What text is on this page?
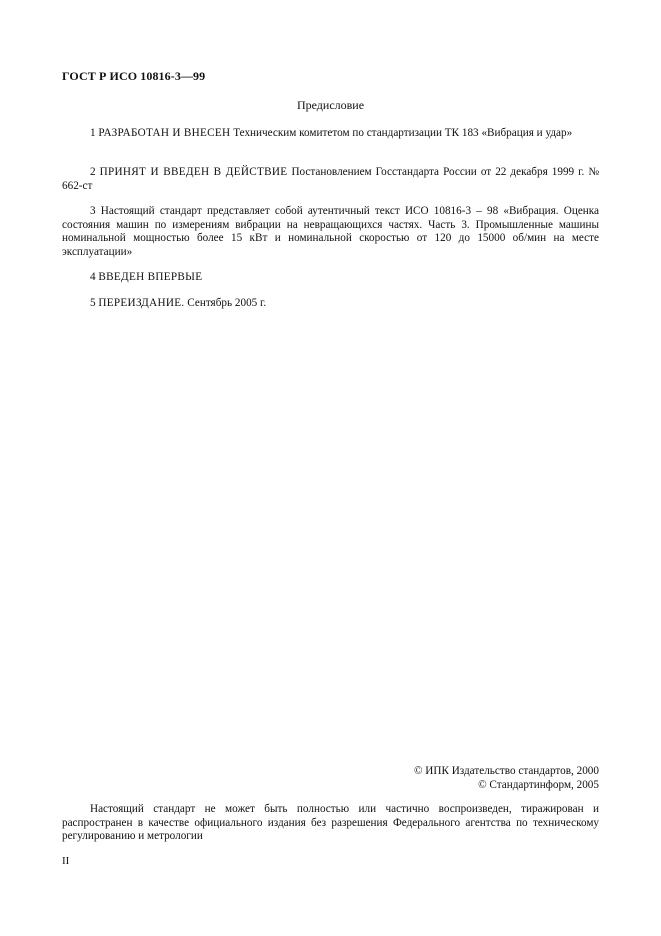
ГОСТ Р ИСО 10816-3—99
Предисловие

1 РАЗРАБОТАН И ВНЕСЕН Техническим комитетом по стандартизации ТК 183 «Вибрация и удар»

2 ПРИНЯТ И ВВЕДЕН В ДЕЙСТВИЕ Постановлением Госстандарта России от 22 декабря 1999 г. № 662-ст

3 Настоящий стандарт представляет собой аутентичный текст ИСО 10816-3 – 98 «Вибрация. Оценка состояния машин по измерениям вибрации на невращающихся частях. Часть 3. Промышленные машины номинальной мощностью более 15 кВт и номинальной скоростью от 120 до 15000 об/мин на месте эксплуатации»

4 ВВЕДЕН ВПЕРВЫЕ

5 ПЕРЕИЗДАНИЕ. Сентябрь 2005 г.

© ИПК Издательство стандартов, 2000
© Стандартинформ, 2005

Настоящий стандарт не может быть полностью или частично воспроизведен, тиражирован и распространен в качестве официального издания без разрешения Федерального агентства по техническому регулированию и метрологии

II
